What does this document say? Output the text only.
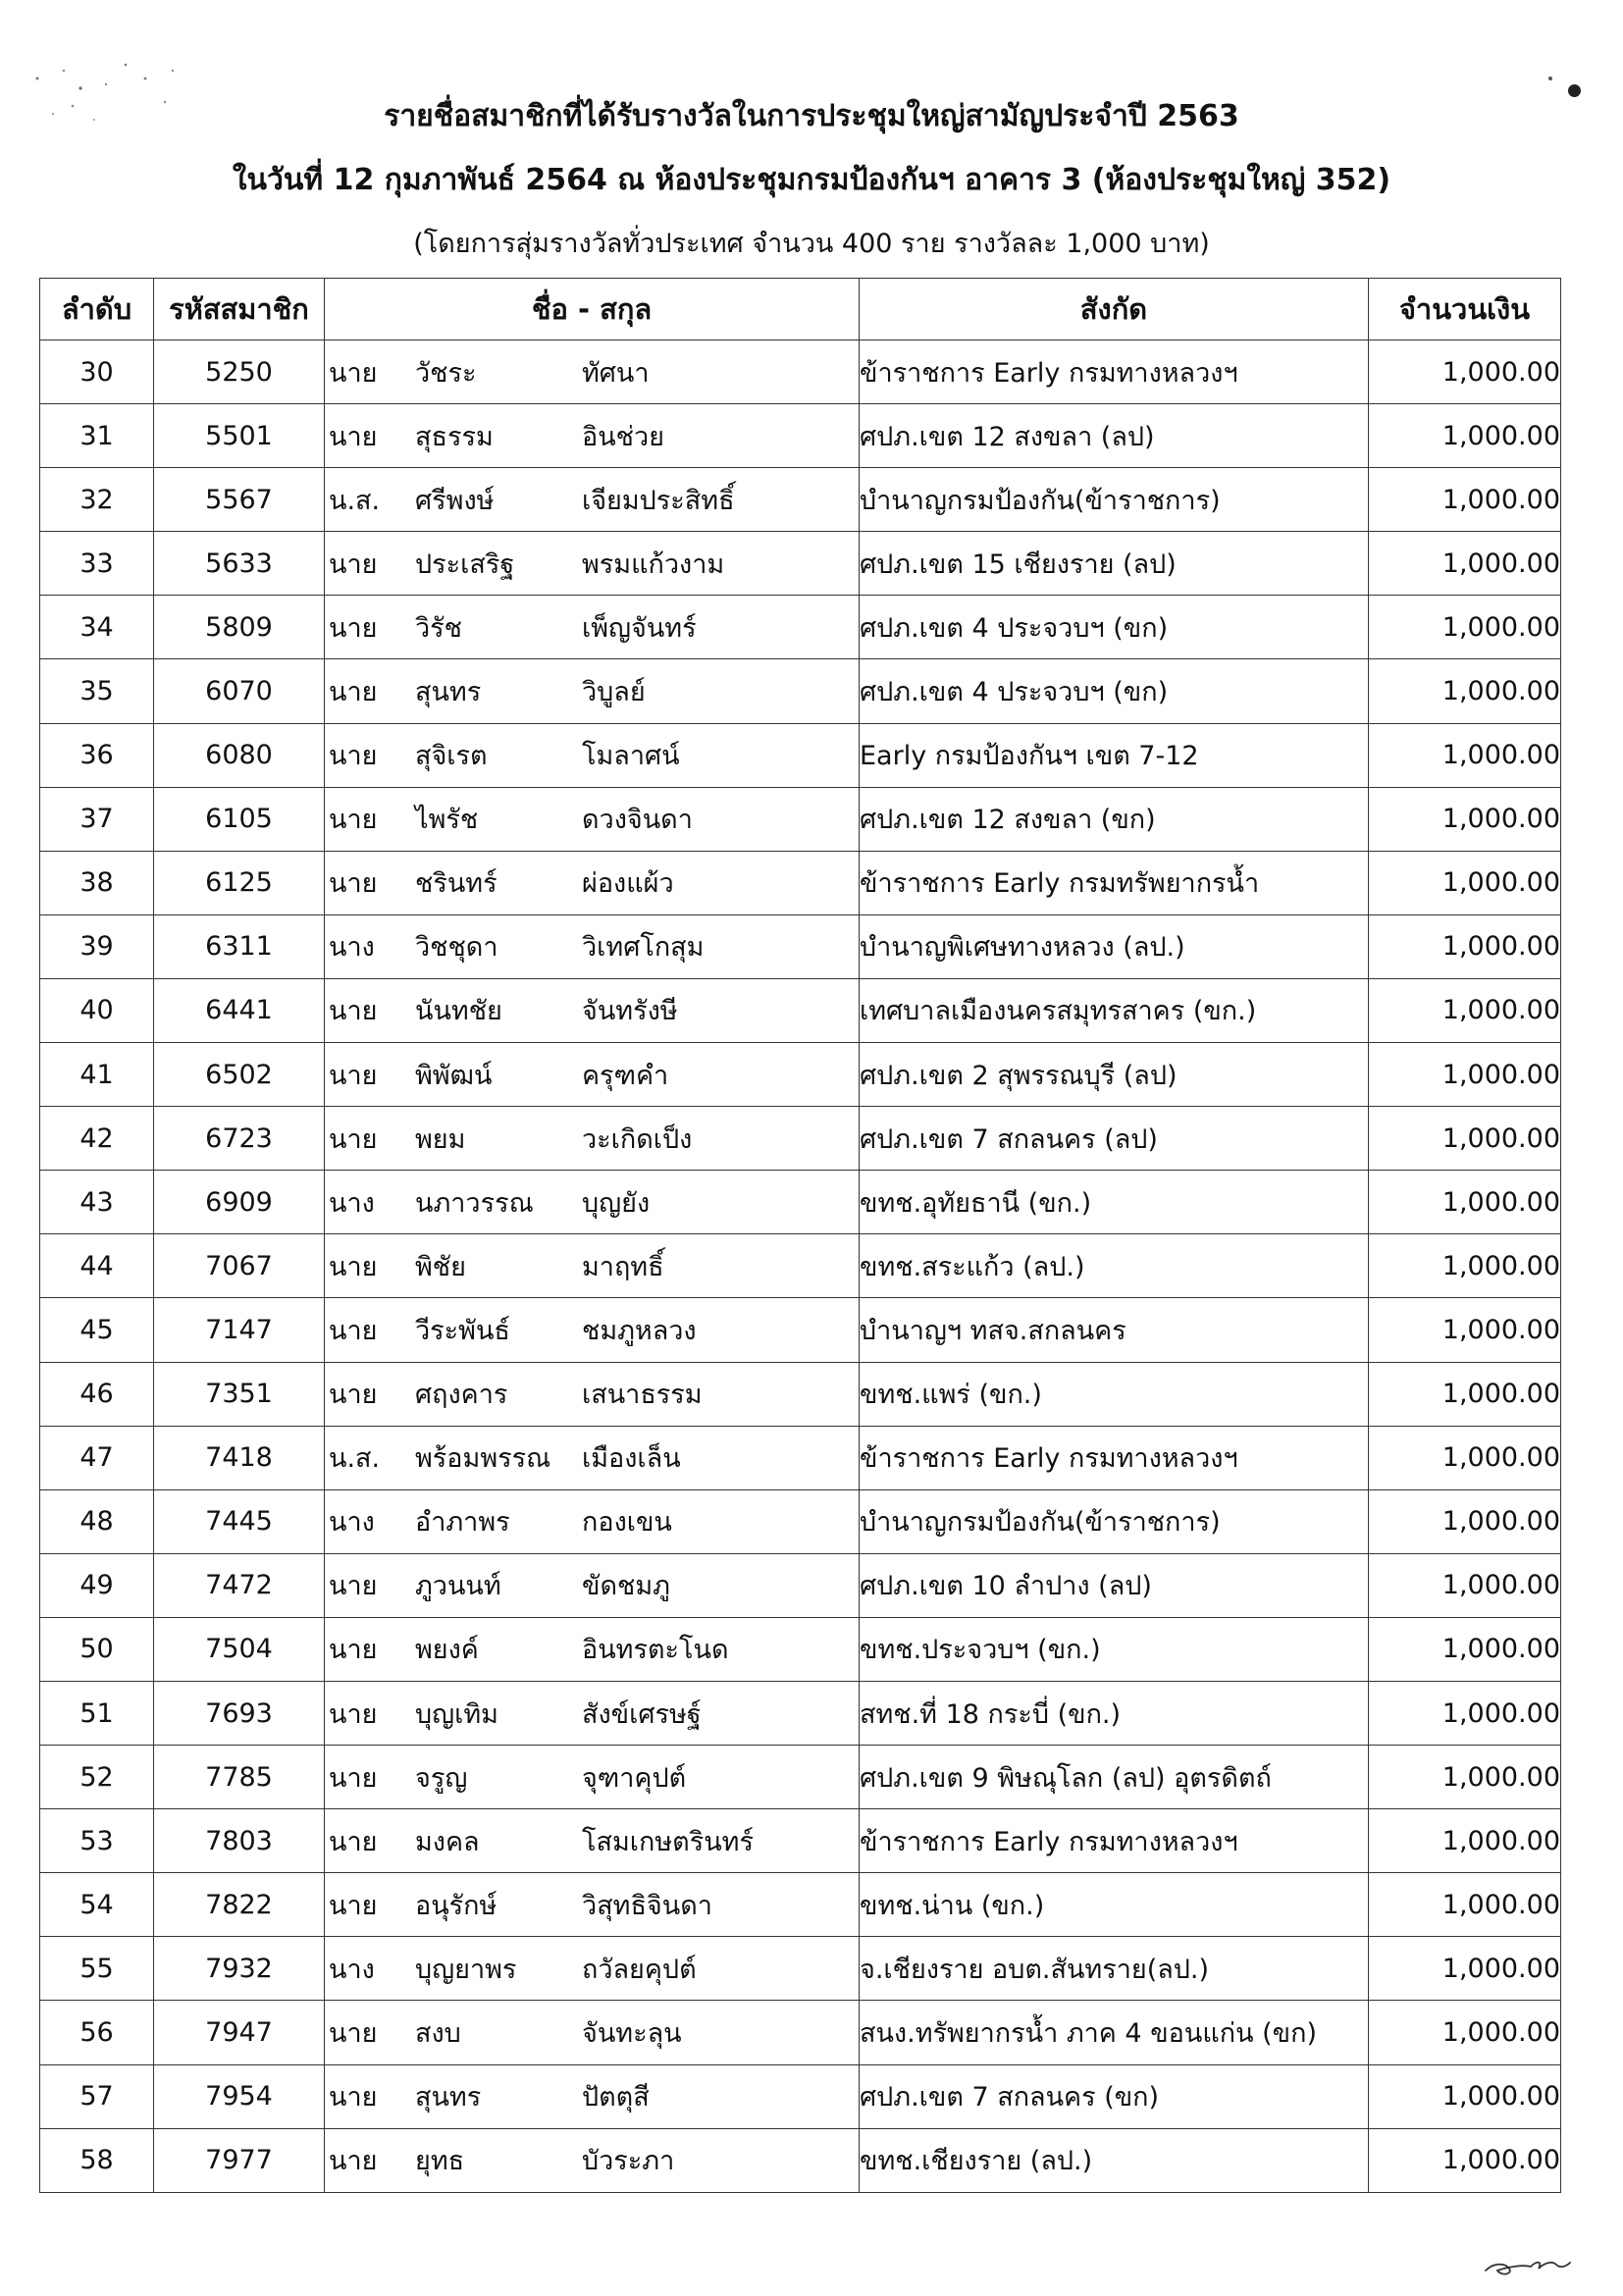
รายชื่อสมาชิกที่ได้รับรางวัลในการประชุมใหญ่สามัญประจำปี 2563
ในวันที่ 12 กุมภาพันธ์ 2564 ณ ห้องประชุมกรมป้องกันฯ อาคาร 3 (ห้องประชุมใหญ่ 352)
(โดยการสุ่มรางวัลทั่วประเทศ จำนวน 400 ราย รางวัลละ 1,000 บาท)
ลำดับ	รหัสสมาชิก	ชื่อ - สกุล	สังกัด	จำนวนเงิน
30	5250	นาย วัชระ ทัศนา	ข้าราชการ Early กรมทางหลวงฯ	1,000.00
31	5501	นาย สุธรรม อินช่วย	ศปภ.เขต 12 สงขลา (ลป)	1,000.00
32	5567	น.ส. ศรีพงษ์ เจียมประสิทธิ์	บำนาญกรมป้องกัน(ข้าราชการ)	1,000.00
33	5633	นาย ประเสริฐ พรมแก้วงาม	ศปภ.เขต 15 เชียงราย (ลป)	1,000.00
34	5809	นาย วิรัช เพ็ญจันทร์	ศปภ.เขต 4 ประจวบฯ (ขก)	1,000.00
35	6070	นาย สุนทร วิบูลย์	ศปภ.เขต 4 ประจวบฯ (ขก)	1,000.00
36	6080	นาย สุจิเรต โมลาศน์	Early กรมป้องกันฯ เขต 7-12	1,000.00
37	6105	นาย ไพรัช ดวงจินดา	ศปภ.เขต 12 สงขลา (ขก)	1,000.00
38	6125	นาย ชรินทร์ ผ่องแผ้ว	ข้าราชการ Early กรมทรัพยากรน้ำ	1,000.00
39	6311	นาง วิชชุดา วิเทศโกสุม	บำนาญพิเศษทางหลวง (ลป.)	1,000.00
40	6441	นาย นันทชัย จันทรังษี	เทศบาลเมืองนครสมุทรสาคร (ขก.)	1,000.00
41	6502	นาย พิพัฒน์ ครุฑคำ	ศปภ.เขต 2 สุพรรณบุรี (ลป)	1,000.00
42	6723	นาย พยม วะเกิดเป็ง	ศปภ.เขต 7 สกลนคร (ลป)	1,000.00
43	6909	นาง นภาวรรณ บุญยัง	ขทช.อุทัยธานี (ขก.)	1,000.00
44	7067	นาย พิชัย มาฤทธิ์	ขทช.สระแก้ว (ลป.)	1,000.00
45	7147	นาย วีระพันธ์ ชมภูหลวง	บำนาญฯ ทสจ.สกลนคร	1,000.00
46	7351	นาย ศฤงคาร เสนาธรรม	ขทช.แพร่ (ขก.)	1,000.00
47	7418	น.ส. พร้อมพรรณ เมืองเล็น	ข้าราชการ Early กรมทางหลวงฯ	1,000.00
48	7445	นาง อำภาพร กองเขน	บำนาญกรมป้องกัน(ข้าราชการ)	1,000.00
49	7472	นาย ภูวนนท์ ขัดชมภู	ศปภ.เขต 10 ลำปาง (ลป)	1,000.00
50	7504	นาย พยงค์ อินทรตะโนด	ขทช.ประจวบฯ (ขก.)	1,000.00
51	7693	นาย บุญเทิม สังข์เศรษฐ์	สทช.ที่ 18 กระบี่ (ขก.)	1,000.00
52	7785	นาย จรูญ จุฑาคุปต์	ศปภ.เขต 9 พิษณุโลก (ลป) อุตรดิตถ์	1,000.00
53	7803	นาย มงคล โสมเกษตรินทร์	ข้าราชการ Early กรมทางหลวงฯ	1,000.00
54	7822	นาย อนุรักษ์ วิสุทธิจินดา	ขทช.น่าน (ขก.)	1,000.00
55	7932	นาง บุญยาพร ถวัลยคุปต์	จ.เชียงราย อบต.สันทราย(ลป.)	1,000.00
56	7947	นาย สงบ จันทะลุน	สนง.ทรัพยากรน้ำ ภาค 4 ขอนแก่น (ขก)	1,000.00
57	7954	นาย สุนทร ปัตตุสี	ศปภ.เขต 7 สกลนคร (ขก)	1,000.00
58	7977	นาย ยุทธ บัวระภา	ขทช.เชียงราย (ลป.)	1,000.00
